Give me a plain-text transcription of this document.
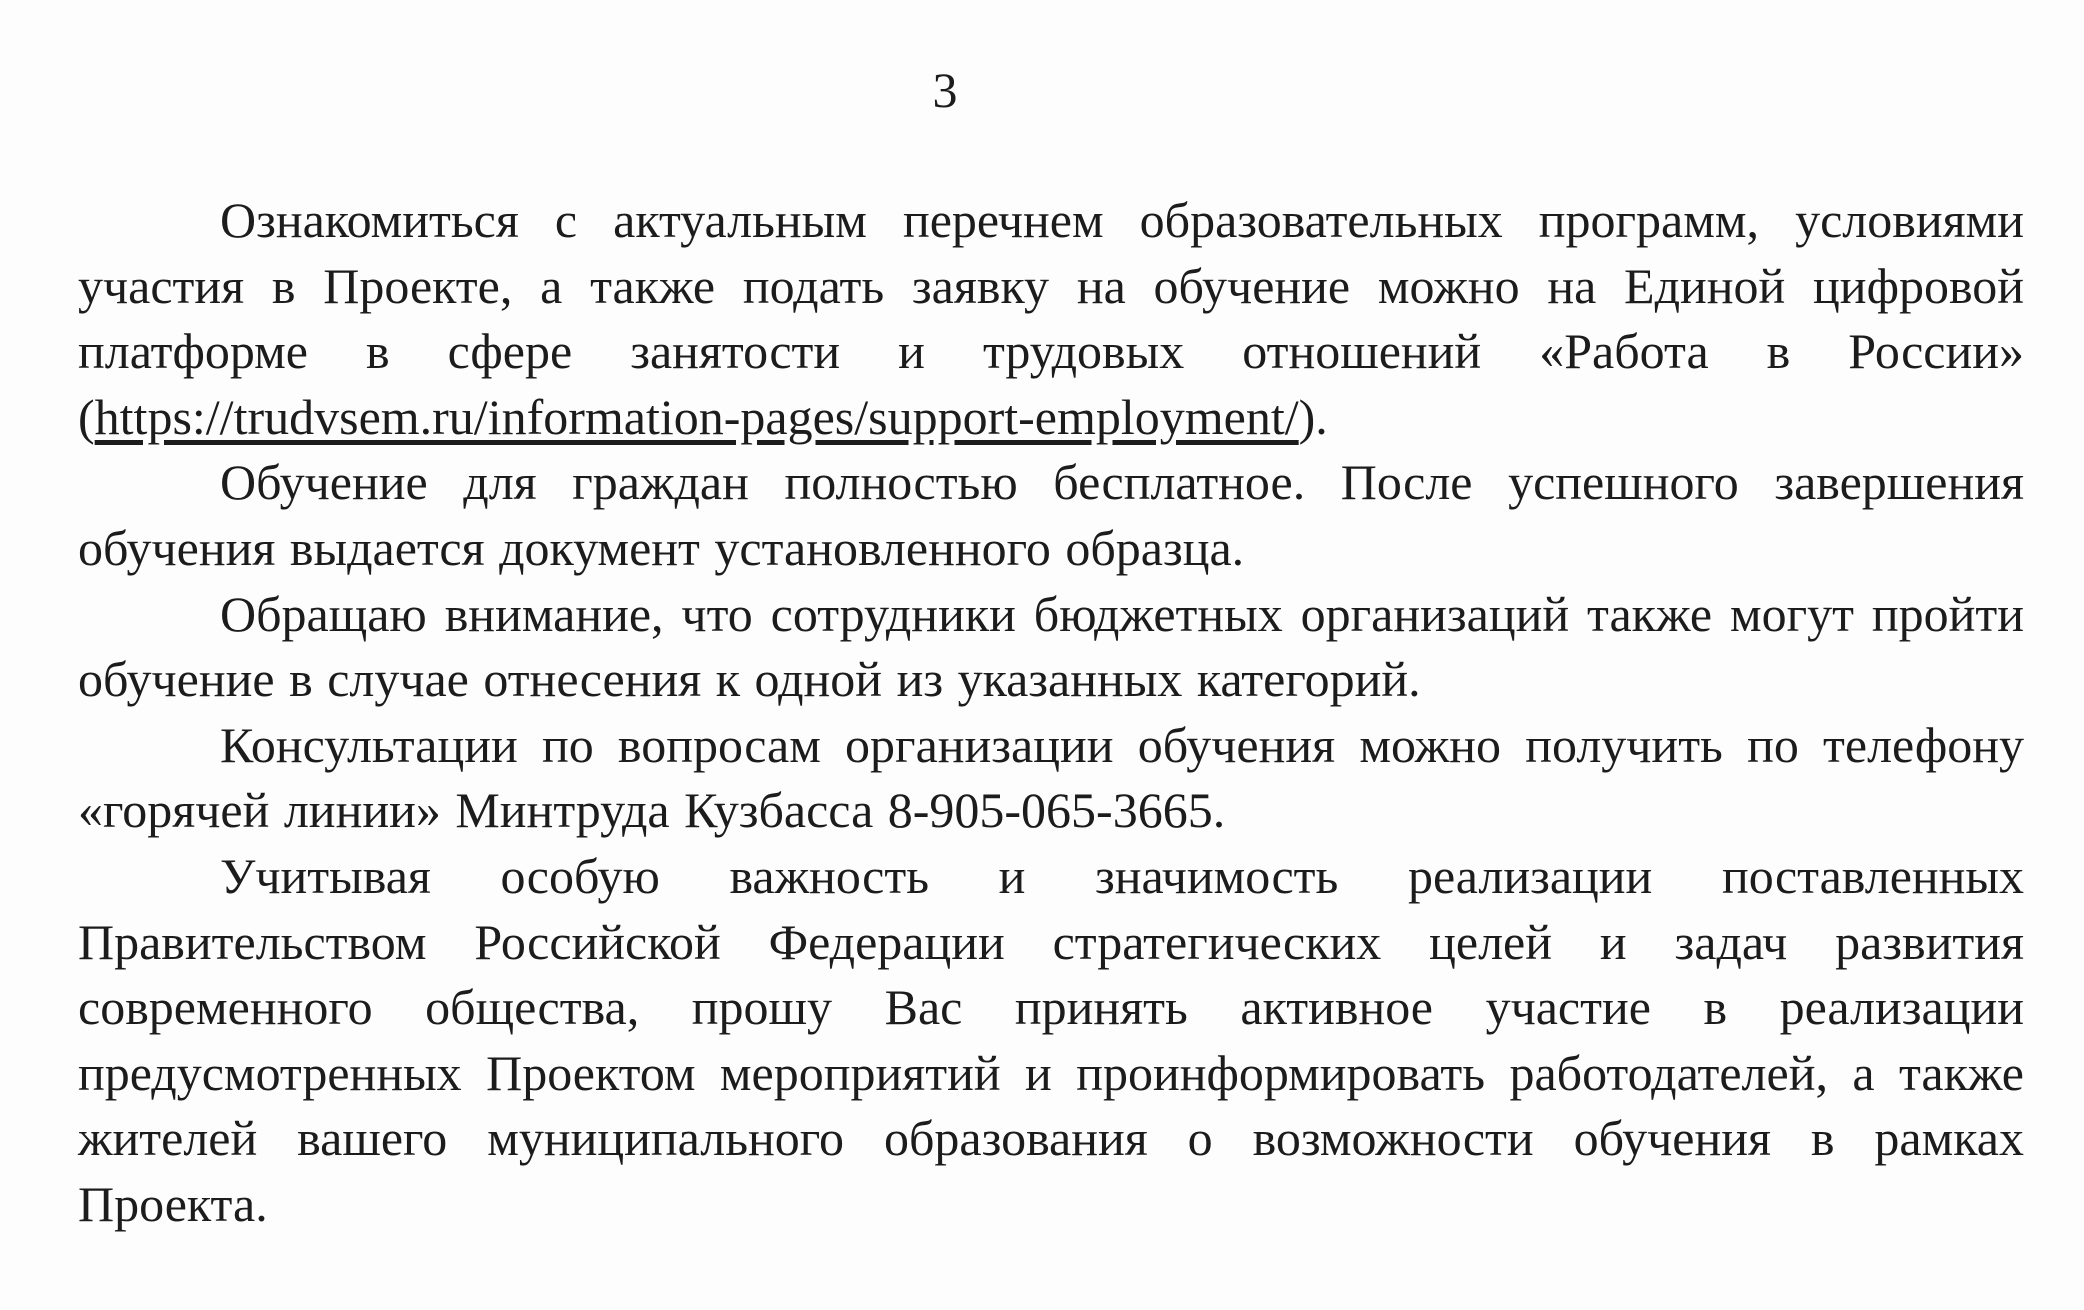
3

Ознакомиться с актуальным перечнем образовательных программ, условиями участия в Проекте, а также подать заявку на обучение можно на Единой цифровой платформе в сфере занятости и трудовых отношений «Работа в России» (https://trudvsem.ru/information-pages/support-employment/).

Обучение для граждан полностью бесплатное. После успешного завершения обучения выдается документ установленного образца.

Обращаю внимание, что сотрудники бюджетных организаций также могут пройти обучение в случае отнесения к одной из указанных категорий.

Консультации по вопросам организации обучения можно получить по телефону «горячей линии» Минтруда Кузбасса 8-905-065-3665.

Учитывая особую важность и значимость реализации поставленных Правительством Российской Федерации стратегических целей и задач развития современного общества, прошу Вас принять активное участие в реализации предусмотренных Проектом мероприятий и проинформировать работодателей, а также жителей вашего муниципального образования о возможности обучения в рамках Проекта.
